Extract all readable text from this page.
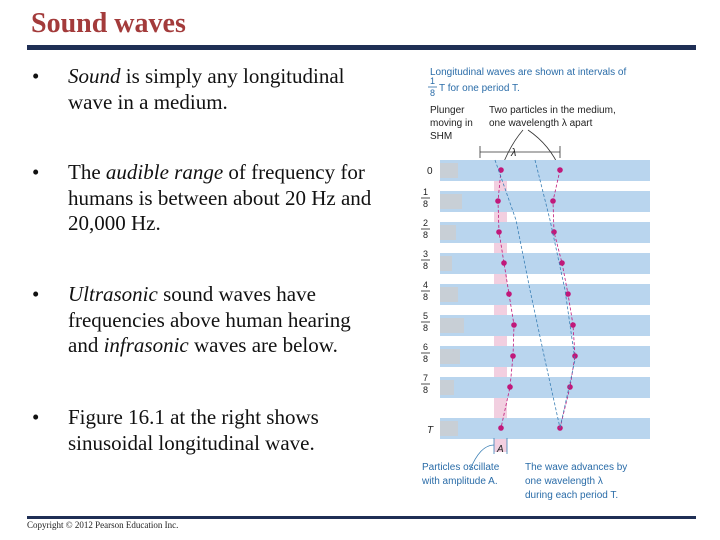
Sound waves
•	Sound is simply any longitudinal wave in a medium.
•	The audible range of frequency for humans is between about 20 Hz and 20,000 Hz.
•	Ultrasonic sound waves have frequencies above human hearing and infrasonic waves are below.
•	Figure 16.1 at the right shows sinusoidal longitudinal wave.
Longitudinal waves are shown at intervals of
1
8 T for one period T.
Plunger
moving in
SHM
Two particles in the medium,
one wavelength λ apart
λ
0
1
8
2
8
3
8
4
8
5
8
6
8
7
8
T
A
Particles oscillate
with amplitude A.
The wave advances by
one wavelength λ
during each period T.
Copyright © 2012 Pearson Education Inc.
